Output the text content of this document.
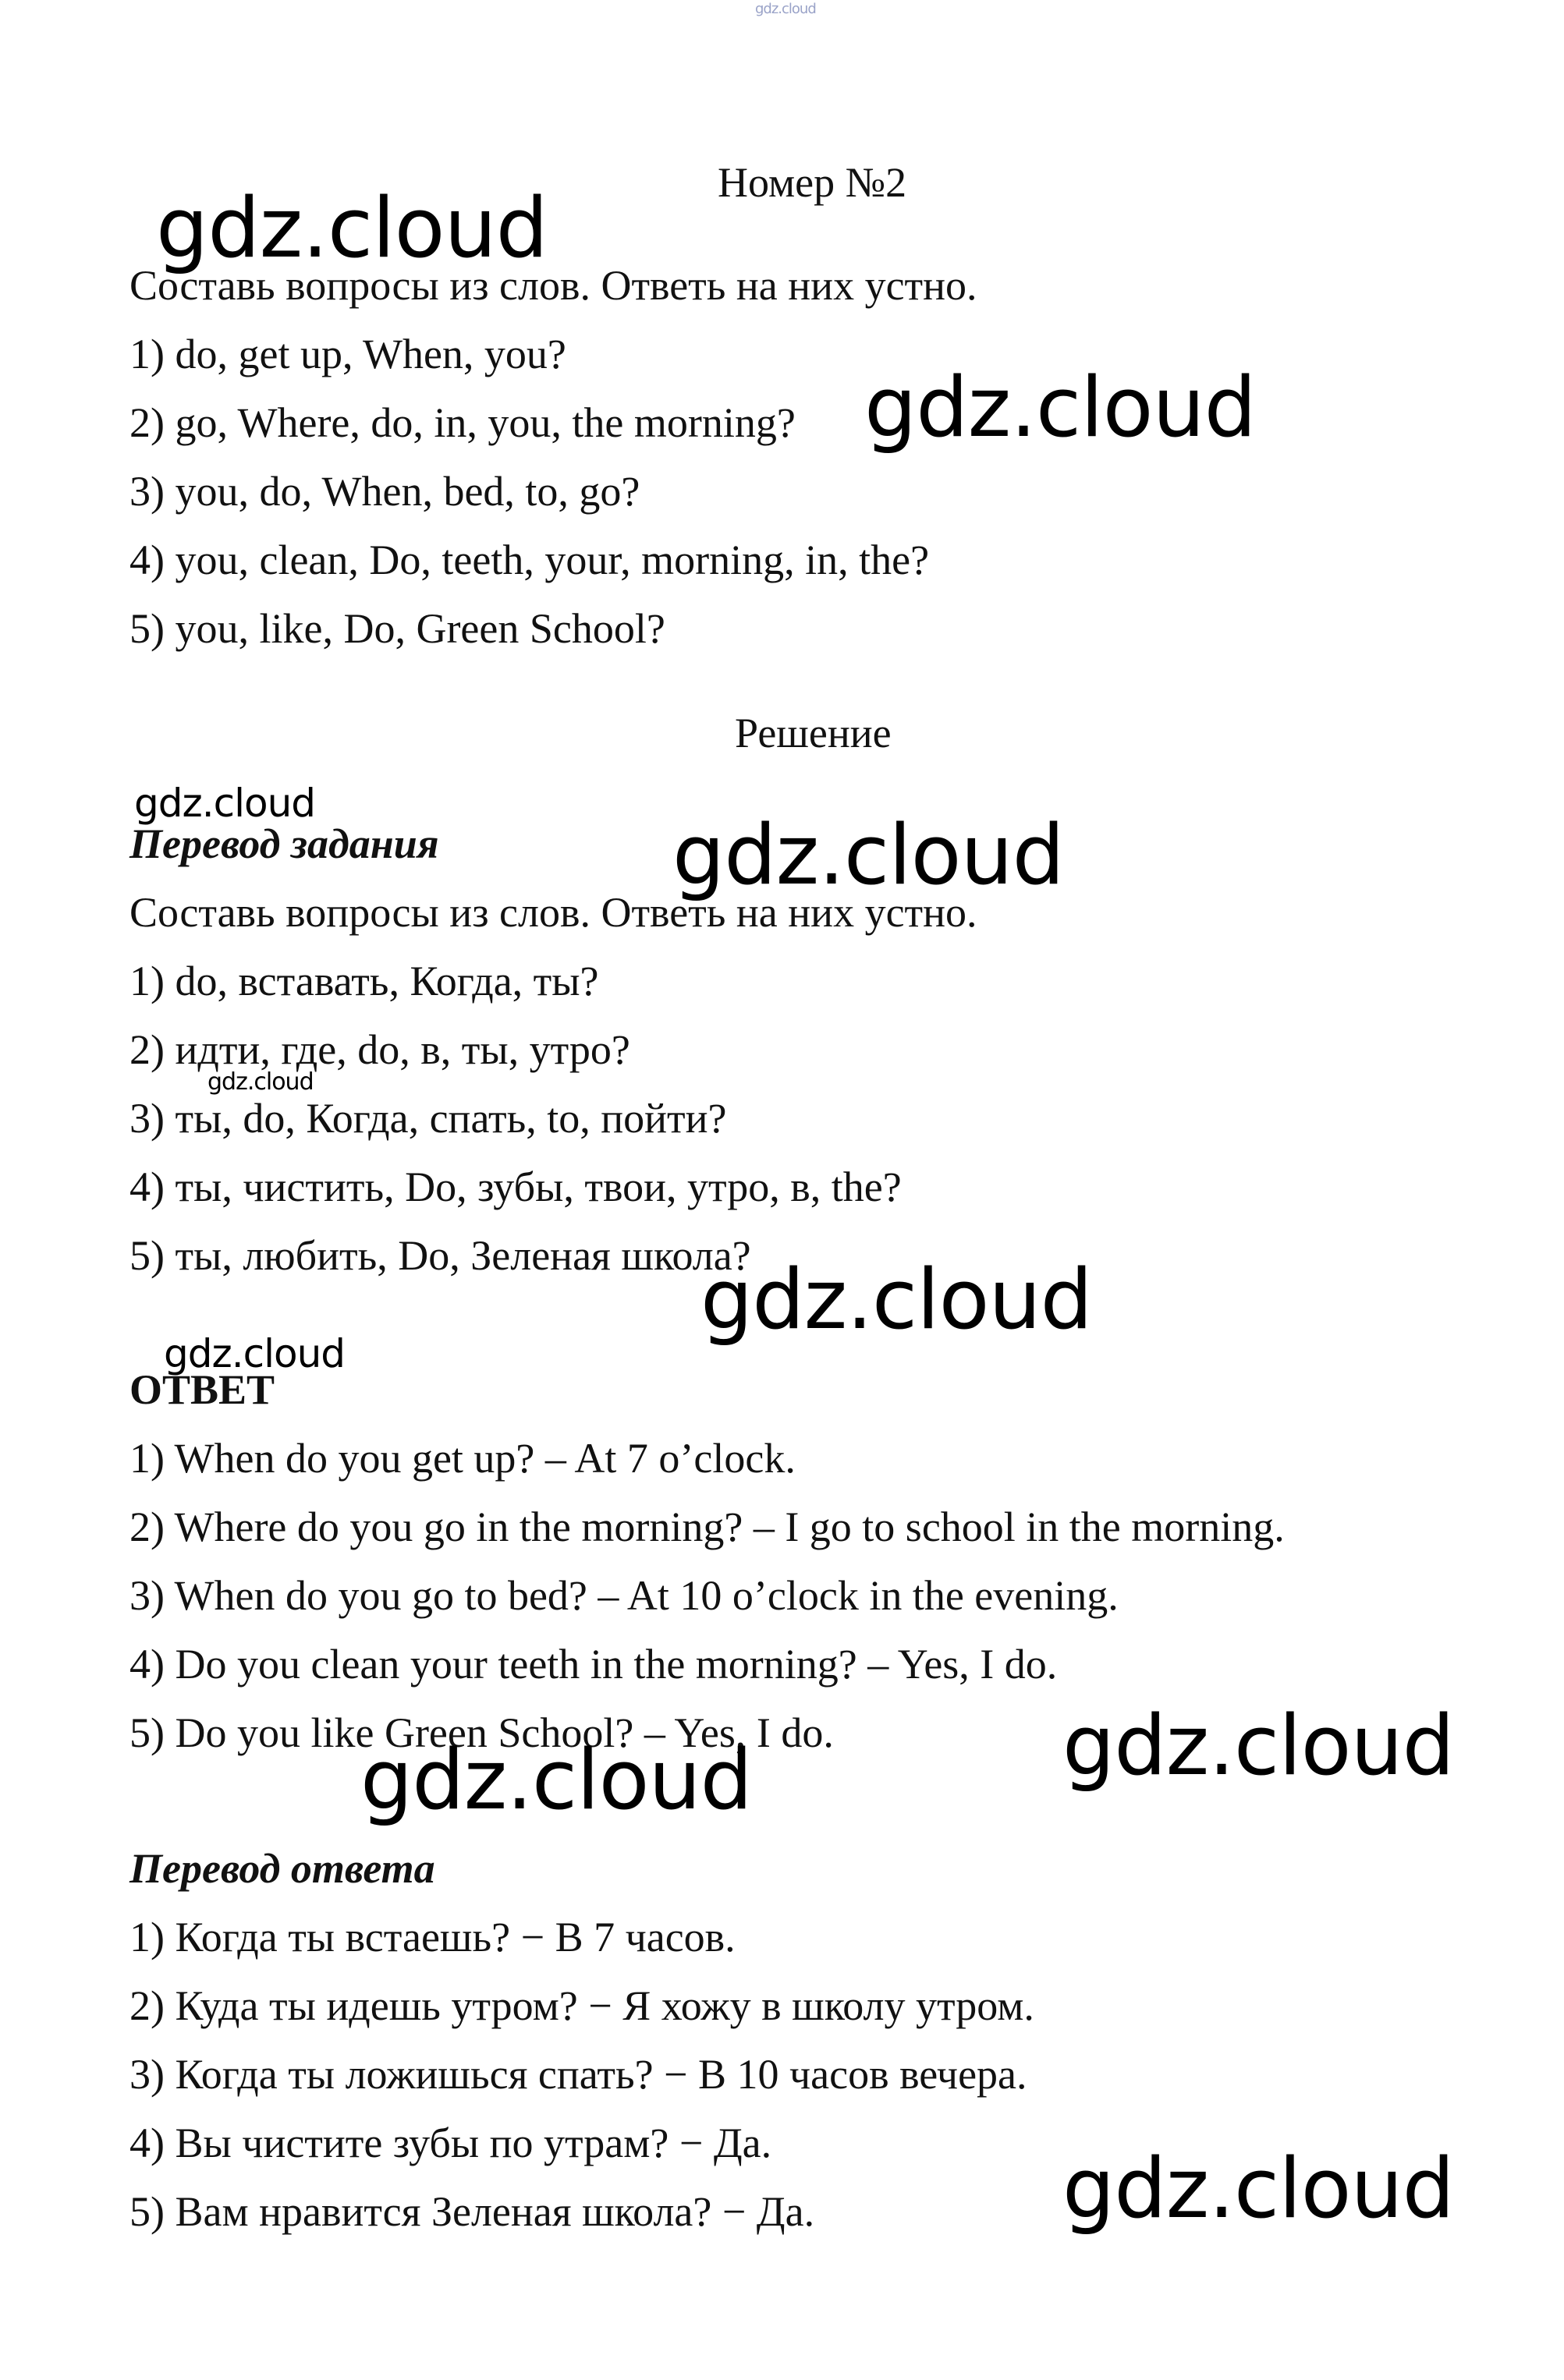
gdz.cloud
Номер №2

Составь вопросы из слов. Ответь на них устно.

1) do, get up, When, you?

2) go, Where, do, in, you, the morning?

3) you, do, When, bed, to, go?

4) you, clean, Do, teeth, your, morning, in, the?

5) you, like, Do, Green School?

Решение

Перевод задания

Составь вопросы из слов. Ответь на них устно.

1) do, вставать, Когда, ты?

2) идти, где, do, в, ты, утро?

3) ты, do, Когда, спать, to, пойти?

4) ты, чистить, Do, зубы, твои, утро, в, the?

5) ты, любить, Do, Зеленая школа?

ОТВЕТ

1) When do you get up? – At 7 o’clock.

2) Where do you go in the morning? – I go to school in the morning.

3) When do you go to bed? – At 10 o’clock in the evening.

4) Do you clean your teeth in the morning? – Yes, I do.

5) Do you like Green School? – Yes, I do.

Перевод ответа

1) Когда ты встаешь? − В 7 часов.

2) Куда ты идешь утром? − Я хожу в школу утром.

3) Когда ты ложишься спать? − В 10 часов вечера.

4) Вы чистите зубы по утрам? − Да.

5) Вам нравится Зеленая школа? − Да.

gdz.cloud
gdz.cloud
gdz.cloud
gdz.cloud
gdz.cloud
gdz.cloud
gdz.cloud
gdz.cloud
gdz.cloud
gdz.cloud
